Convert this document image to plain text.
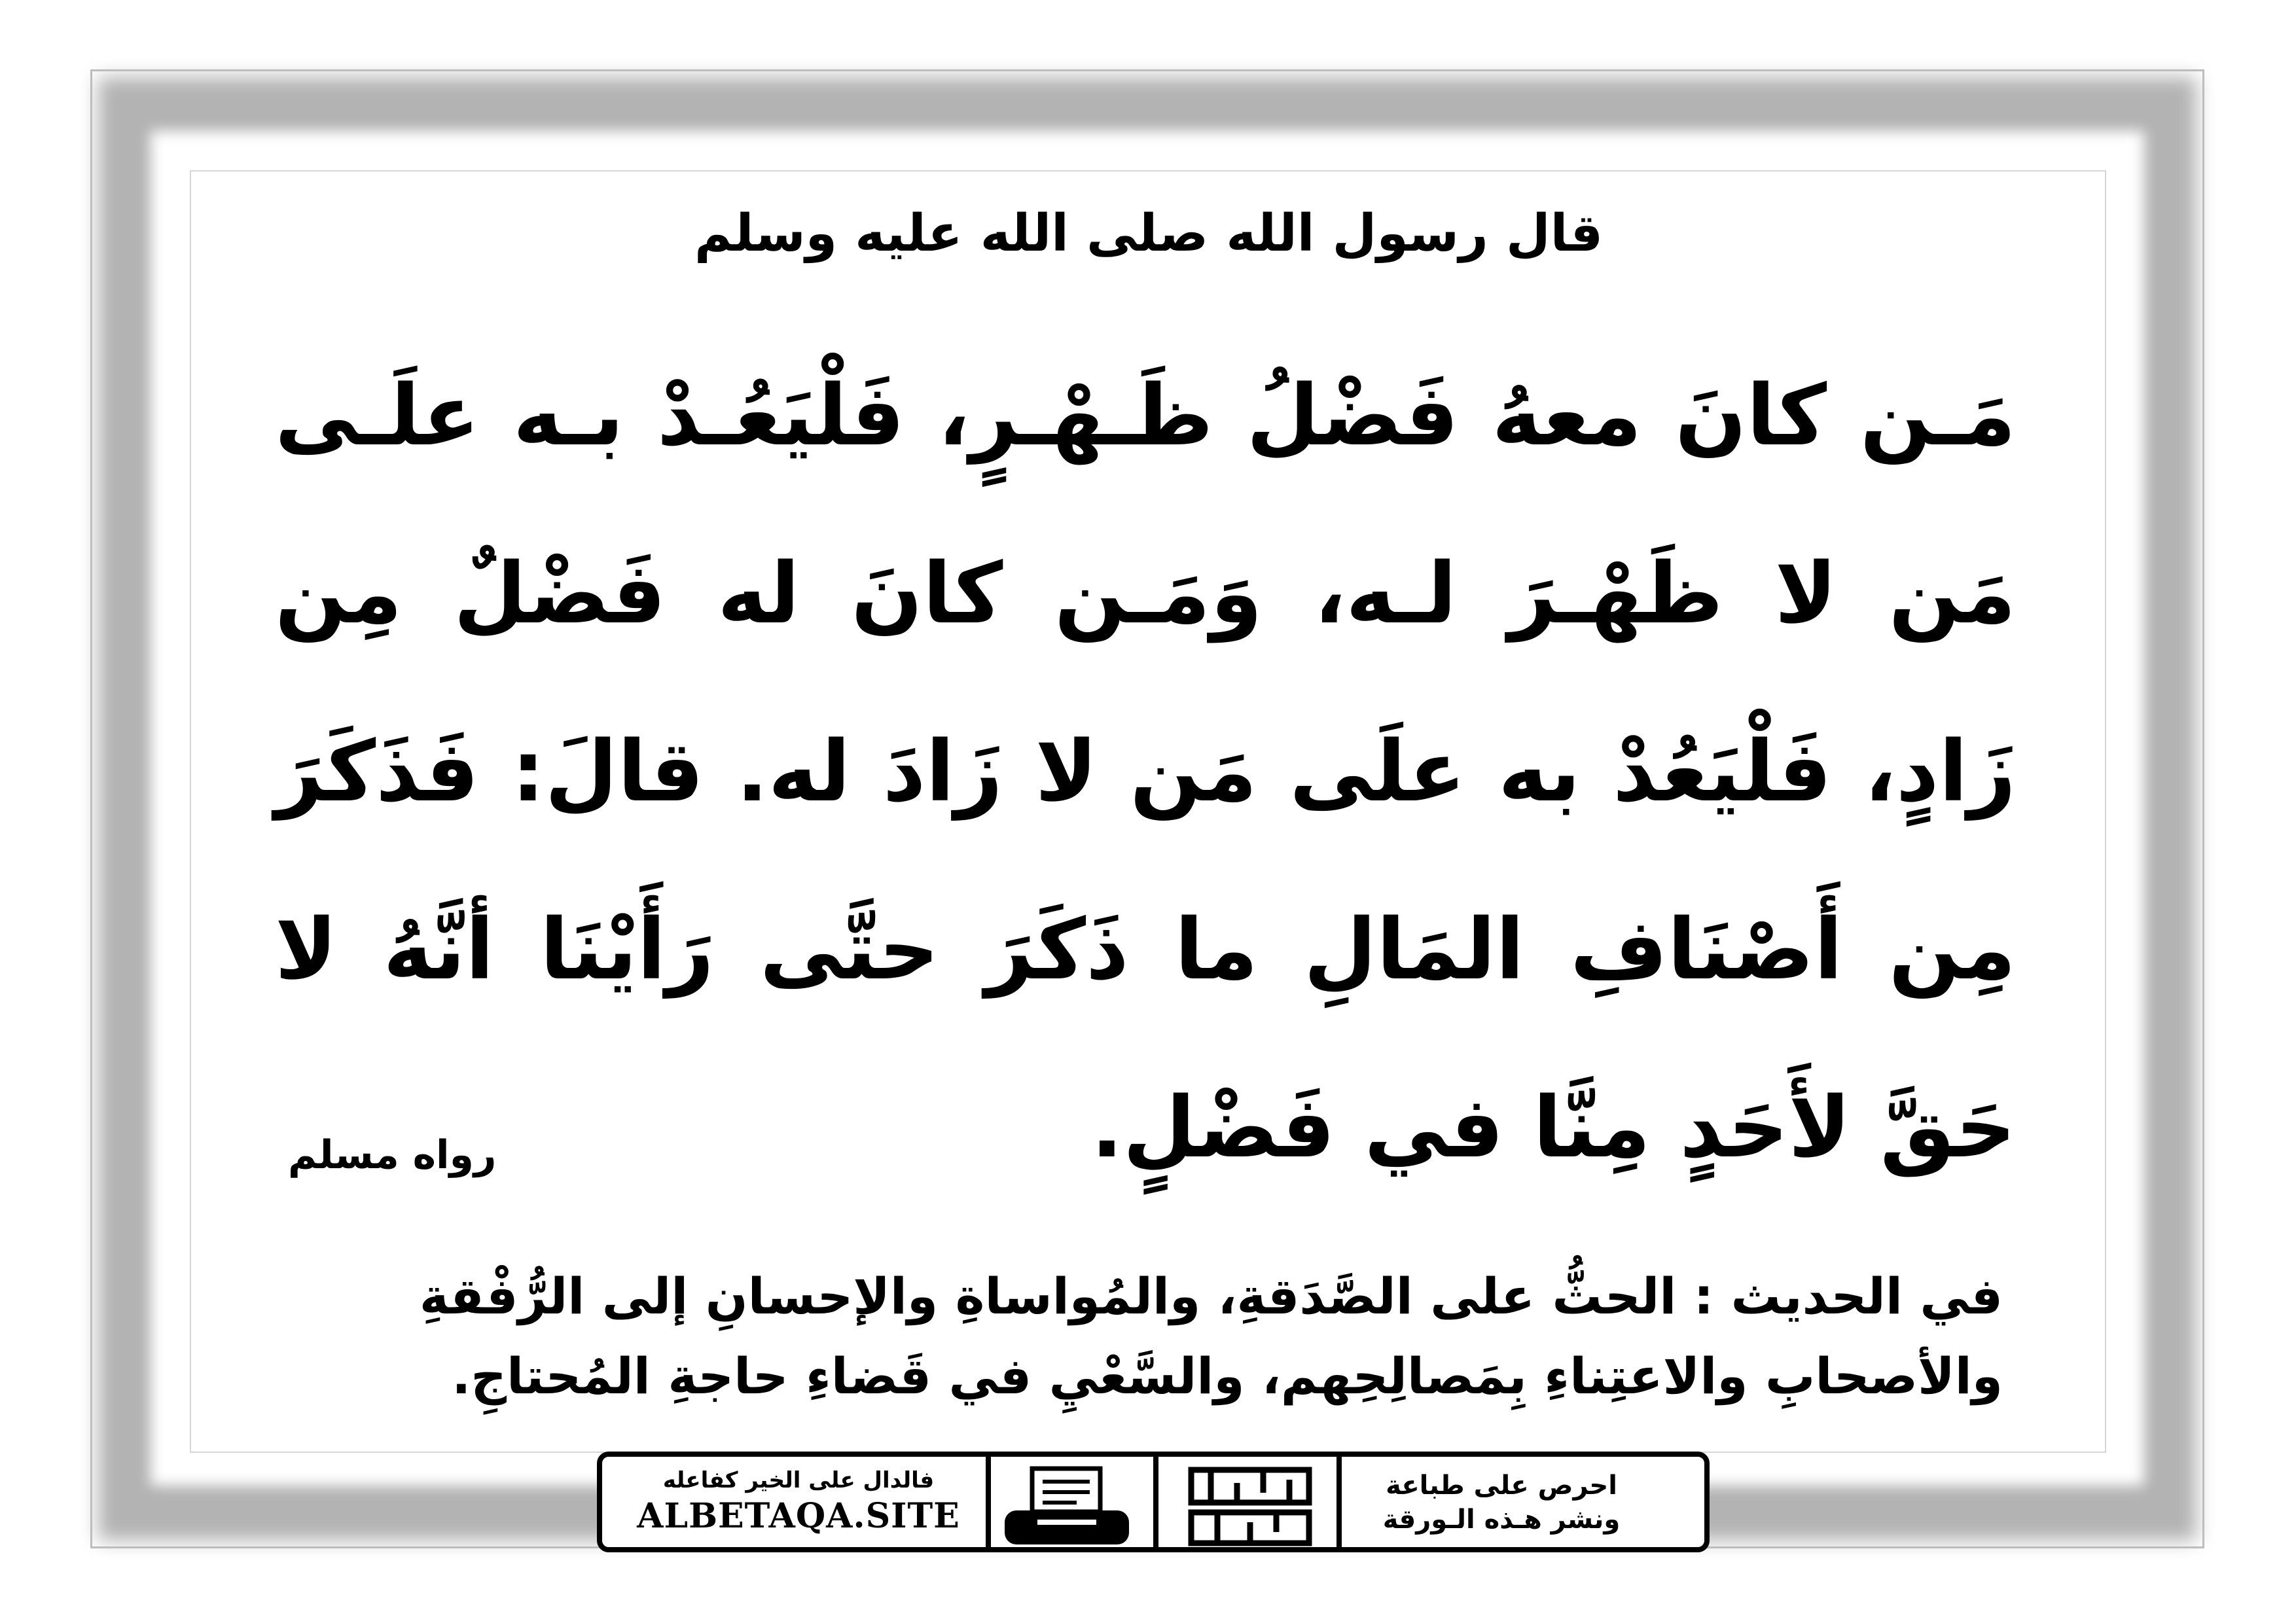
قال رسول الله صلى الله عليه وسلم
مَـن كانَ معهُ فَضْلُ ظَـهْـرٍ، فَلْيَعُـدْ بـه علَـى مَن لا ظَهْـرَ لـه، وَمَـن كانَ له فَضْلٌ مِن زَادٍ، فَلْيَعُدْ به علَى مَن لا زَادَ له. قالَ: فَذَكَرَ مِن أَصْنَافِ المَالِ ما ذَكَرَ حتَّى رَأَيْنَا أنَّهُ لا حَقَّ لأَحَدٍ مِنَّا في فَضْلٍ.
رواه مسلم
في الحديث : الحثُّ على الصَّدَقةِ، والمُواساةِ والإحسانِ إلى الرُّفْقةِ والأصحابِ والاعتِناءِ بِمَصالِحِهم، والسَّعْيِ في قَضاءِ حاجةِ المُحتاجِ.
فالدال على الخير كفاعله
ALBETAQA.SITE
احرص على طباعة
ونشر هـذه الـورقة
